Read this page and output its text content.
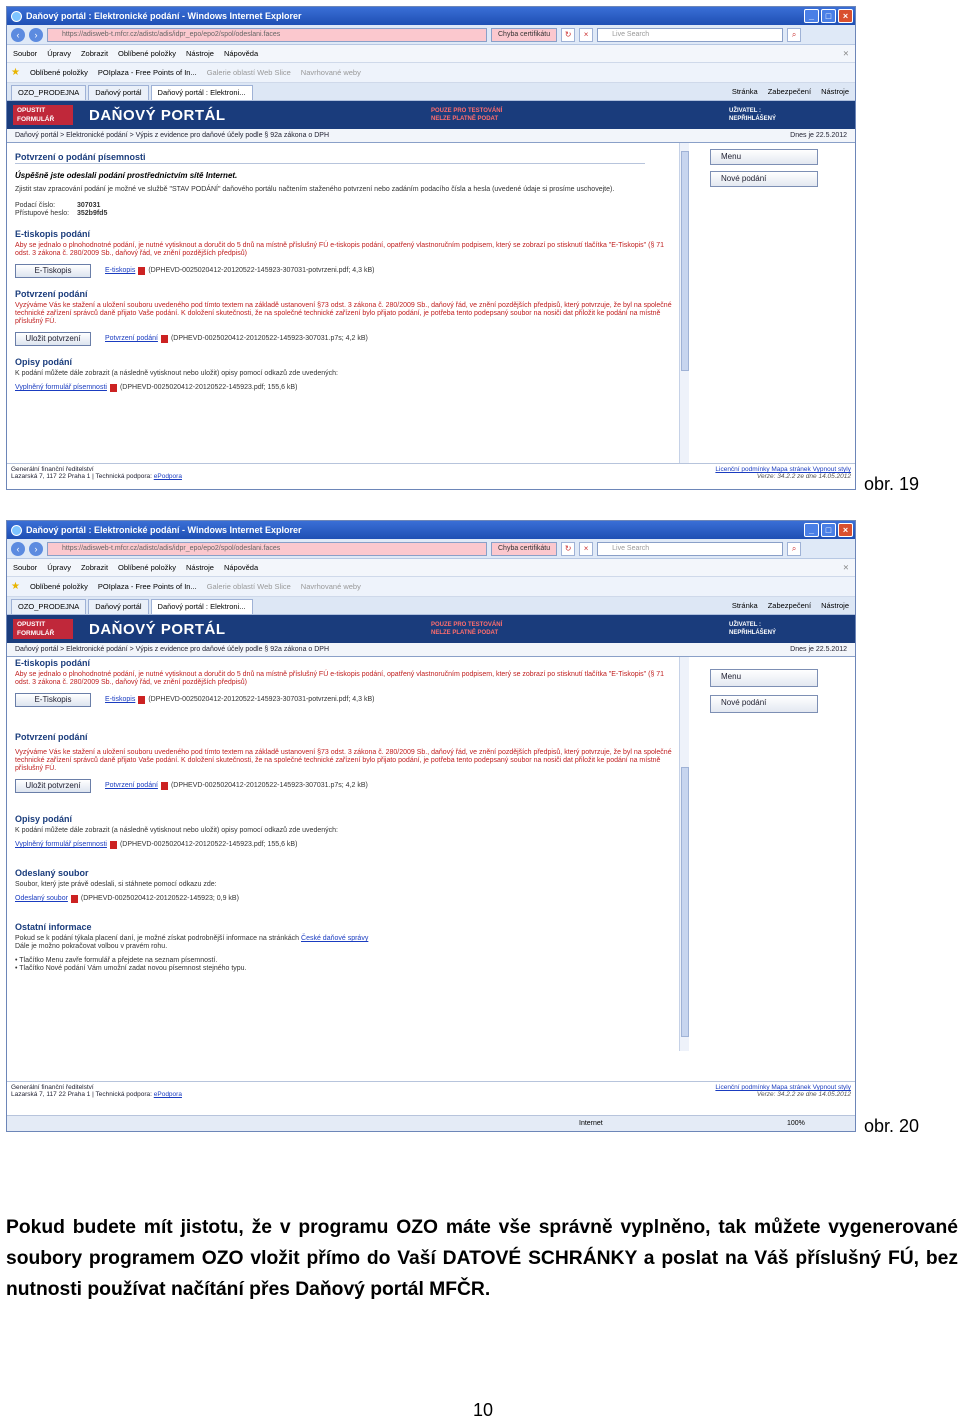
Daňový portál : Elektronické podání - Windows Internet Explorer	_	□	×
‹	›	https://adisweb-t.mfcr.cz/adistc/adis/idpr_epo/epo2/spol/odeslani.faces	Chyba certifikátu	↻	×	Live Search	⌕
Soubor Úpravy Zobrazit Oblíbené položky Nástroje Nápověda	✕
★ Oblíbené položky POIplaza - Free Points of In... Galerie oblastí Web Slice Navrhované weby
OZO_PRODEJNA	Daňový portál	Daňový portál : Elektroni...	Stránka Zabezpečení Nástroje
OPUSTIT
FORMULÁŘ	DAŇOVÝ PORTÁL	POUZE PRO TESTOVÁNÍ
NELZE PLATNĚ PODAT
UŽIVATEL :
NEPŘIHLÁŠENÝ
Daňový portál > Elektronické podání > Výpis z evidence pro daňové účely podle § 92a zákona o DPH	Dnes je 22.5.2012
Potvrzení o podání písemnosti
Úspěšně jste odeslali podání prostřednictvím sítě Internet.
Zjistit stav zpracování podání je možné ve službě "STAV PODÁNÍ" daňového portálu načtením staženého potvrzení nebo zadáním podacího čísla a hesla (uvedené údaje si prosíme uschovejte).
Podací číslo:	307031
Přístupové heslo: 352b9fd5
E-tiskopis podání
Aby se jednalo o plnohodnotné podání, je nutné vytisknout a doručit do 5 dnů na místně příslušný FÚ e-tiskopis podání, opatřený vlastnoručním podpisem, který se zobrazí po stisknutí tlačítka "E-Tiskopis" (§ 71 odst. 3 zákona č. 280/2009 Sb., daňový řád, ve znění pozdějších předpisů)
E-Tiskopis	E-tiskopis (DPHEVD-0025020412-20120522-145923-307031-potvrzeni.pdf; 4,3 kB)
Potvrzení podání
Vyzýváme Vás ke stažení a uložení souboru uvedeného pod tímto textem na základě ustanovení §73 odst. 3 zákona č. 280/2009 Sb., daňový řád, ve znění pozdějších předpisů, který potvrzuje, že byl na společné technické zařízení správců daně přijato Vaše podání. K doložení skutečnosti, že na společné technické zařízení bylo přijato podání, je potřeba tento podepsaný soubor na nosiči dat přiložit ke podání na místně příslušný FÚ.
Uložit potvrzení	Potvrzení podání (DPHEVD-0025020412-20120522-145923-307031.p7s; 4,2 kB)
Opisy podání
K podání můžete dále zobrazit (a následně vytisknout nebo uložit) opisy pomocí odkazů zde uvedených:
Vyplněný formulář písemnosti (DPHEVD-0025020412-20120522-145923.pdf; 155,6 kB)
Menu
Nové podání
Generální finanční ředitelství
Lazarská 7, 117 22 Praha 1 | Technická podpora: ePodpora
Licenční podmínky Mapa stránek Vypnout styly
Verze: 34.2.2 ze dne 14.05.2012 obr. 19
Daňový portál : Elektronické podání - Windows Internet Explorer	_	□	×
‹	›	https://adisweb-t.mfcr.cz/adistc/adis/idpr_epo/epo2/spol/odeslani.faces	Chyba certifikátu	↻	×	Live Search	⌕
Soubor Úpravy Zobrazit Oblíbené položky Nástroje Nápověda	✕
★ Oblíbené položky POIplaza - Free Points of In... Galerie oblastí Web Slice Navrhované weby
OZO_PRODEJNA	Daňový portál	Daňový portál : Elektroni...	Stránka Zabezpečení Nástroje
OPUSTIT
FORMULÁŘ	DAŇOVÝ PORTÁL	POUZE PRO TESTOVÁNÍ
NELZE PLATNĚ PODAT
UŽIVATEL :
NEPŘIHLÁŠENÝ
Daňový portál > Elektronické podání > Výpis z evidence pro daňové účely podle § 92a zákona o DPH	Dnes je 22.5.2012
E-tiskopis podání
Aby se jednalo o plnohodnotné podání, je nutné vytisknout a doručit do 5 dnů na místně příslušný FÚ e-tiskopis podání, opatřený vlastnoručním podpisem, který se zobrazí po stisknutí tlačítka "E-Tiskopis" (§ 71 odst. 3 zákona č. 280/2009 Sb., daňový řád, ve znění pozdějších předpisů)
E-Tiskopis	E-tiskopis (DPHEVD-0025020412-20120522-145923-307031-potvrzeni.pdf; 4,3 kB)
Potvrzení podání
Vyzýváme Vás ke stažení a uložení souboru uvedeného pod tímto textem na základě ustanovení §73 odst. 3 zákona č. 280/2009 Sb., daňový řád, ve znění pozdějších předpisů, který potvrzuje, že byl na společné technické zařízení správců daně přijato Vaše podání. K doložení skutečnosti, že na společné technické zařízení bylo přijato podání, je potřeba tento podepsaný soubor na nosiči dat přiložit ke podání na místně příslušný FÚ.
Uložit potvrzení	Potvrzení podání (DPHEVD-0025020412-20120522-145923-307031.p7s; 4,2 kB)
Opisy podání
K podání můžete dále zobrazit (a následně vytisknout nebo uložit) opisy pomocí odkazů zde uvedených:
Vyplněný formulář písemnosti (DPHEVD-0025020412-20120522-145923.pdf; 155,6 kB)
Odeslaný soubor
Soubor, který jste právě odeslali, si stáhnete pomocí odkazu zde:
Odeslaný soubor (DPHEVD-0025020412-20120522-145923; 0,9 kB)
Ostatní informace
Pokud se k podání týkala placení daní, je možné získat podrobnější informace na stránkách České daňové správy
Dále je možno pokračovat volbou v pravém rohu.
• Tlačítko Menu zavře formulář a přejdete na seznam písemností.
• Tlačítko Nové podání Vám umožní zadat novou písemnost stejného typu.
Menu
Nové podání
Generální finanční ředitelství
Lazarská 7, 117 22 Praha 1 | Technická podpora: ePodpora
Licenční podmínky Mapa stránek Vypnout styly
Verze: 34.2.2 ze dne 14.05.2012
Internet	100%	obr. 20

Pokud budete mít jistotu, že v programu OZO máte vše správně vyplněno, tak můžete vygenerované soubory programem OZO vložit přímo do Vaší DATOVÉ SCHRÁNKY a poslat na Váš příslušný FÚ, bez nutnosti používat načítání přes Daňový portál MFČR.

10
